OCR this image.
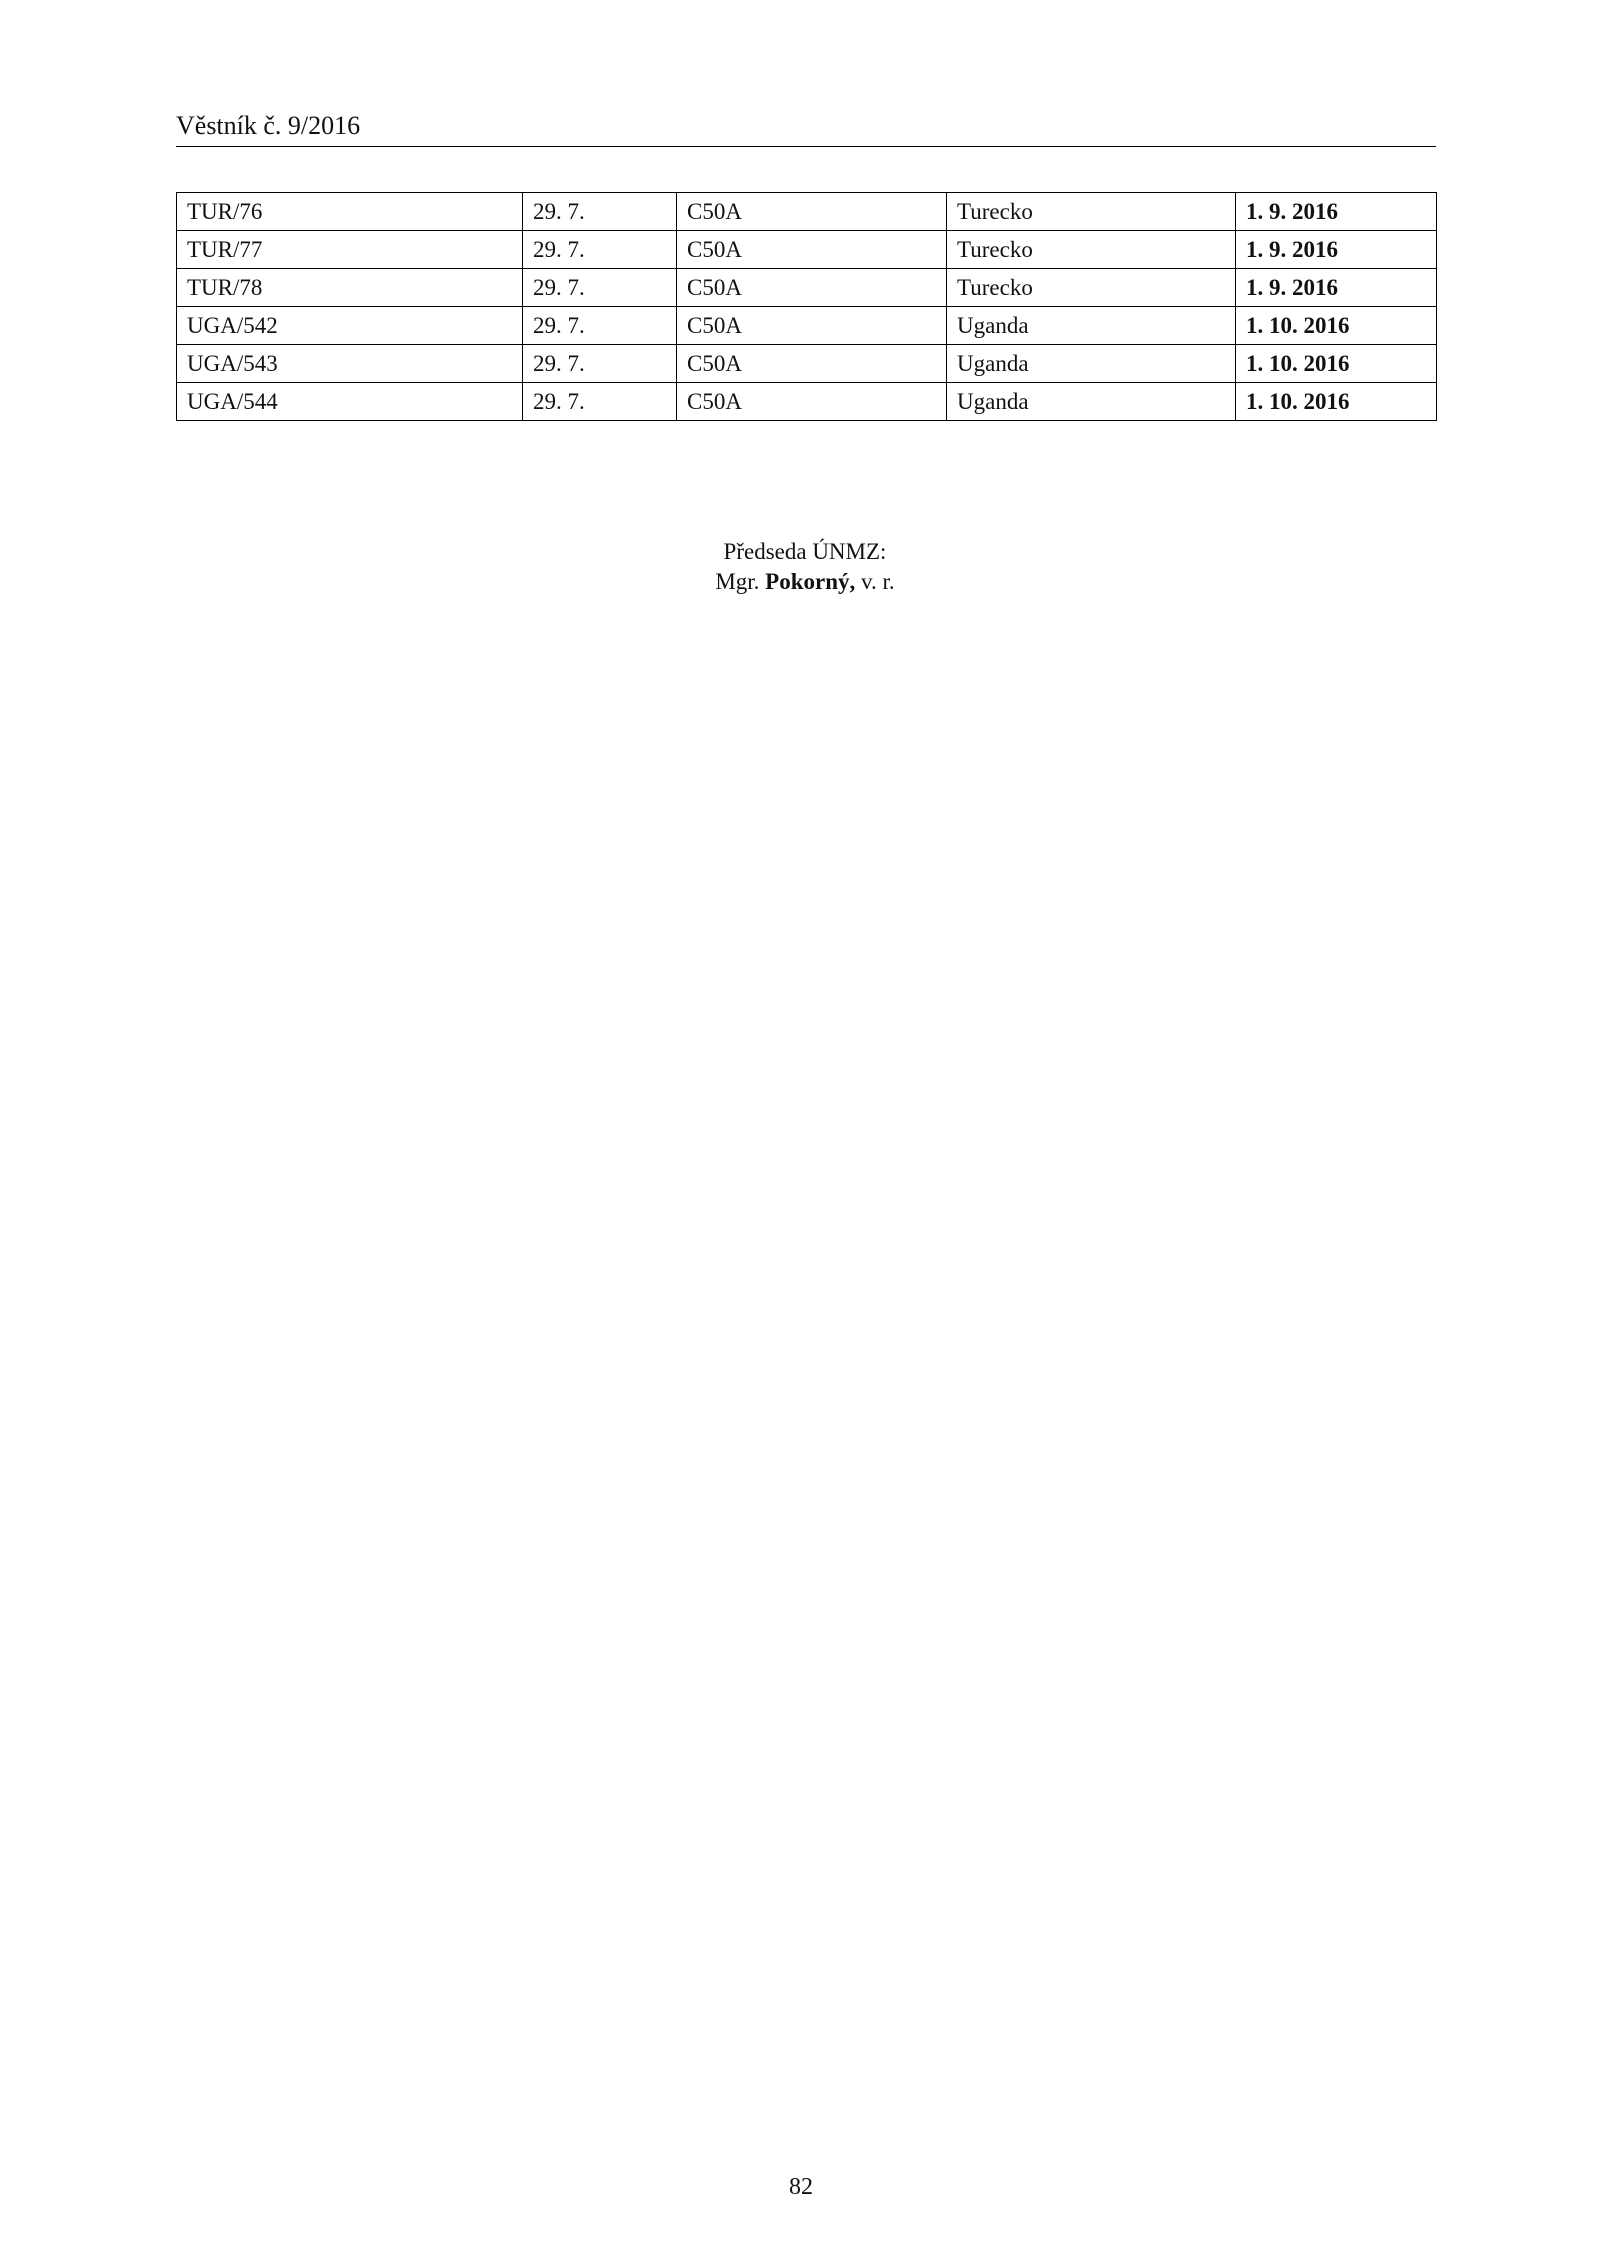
Věstník č. 9/2016
TUR/76	29. 7.	C50A	Turecko	1. 9. 2016
TUR/77	29. 7.	C50A	Turecko	1. 9. 2016
TUR/78	29. 7.	C50A	Turecko	1. 9. 2016
UGA/542	29. 7.	C50A	Uganda	1. 10. 2016
UGA/543	29. 7.	C50A	Uganda	1. 10. 2016
UGA/544	29. 7.	C50A	Uganda	1. 10. 2016
Předseda ÚNMZ:
Mgr. Pokorný, v. r.
82
